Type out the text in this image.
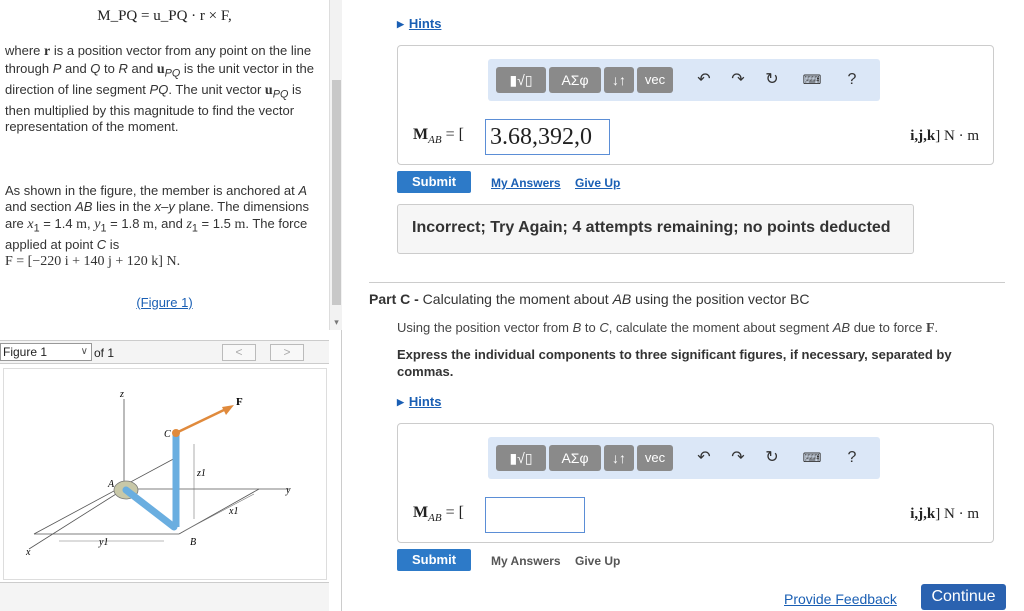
M_PQ = u_PQ · r × F,

where r is a position vector from any point on the line through P and Q to R and $u_{PQ}$ is the unit vector in the direction of line segment PQ. The unit vector $u_{PQ}$ is then multiplied by this magnitude to find the vector representation of the moment.

As shown in the figure, the member is anchored at A and section AB lies in the x–y plane. The dimensions are $x_1 = 1.4$ m, $y_1 = 1.8$ m, and $z_1 = 1.5$ m. The force applied at point C is
F = [−220 i + 140 j + 120 k] N.

(Figure 1)
▾
Figure 1	∨ of 1	<	>
z
F
C
A
z1
y
x1
y1	B
x
▶ Hints
▮√▯	ΑΣφ	↓↑	vec	↶	↷	↻	⌨	?
$M_{AB}$ = [ 3.68,392,0	i,j,k] N · m
Submit	My Answers Give Up
Incorrect; Try Again; 4 attempts remaining; no points deducted
Part C - Calculating the moment about AB using the position vector BC
Using the position vector from B to C, calculate the moment about segment AB due to force F.
Express the individual components to three significant figures, if necessary, separated by commas.
▶ Hints
▮√▯	ΑΣφ	↓↑	vec	↶	↷	↻	⌨	?
$M_{AB}$ = [	i,j,k] N · m
Submit	My Answers Give Up
Provide Feedback	Continue
